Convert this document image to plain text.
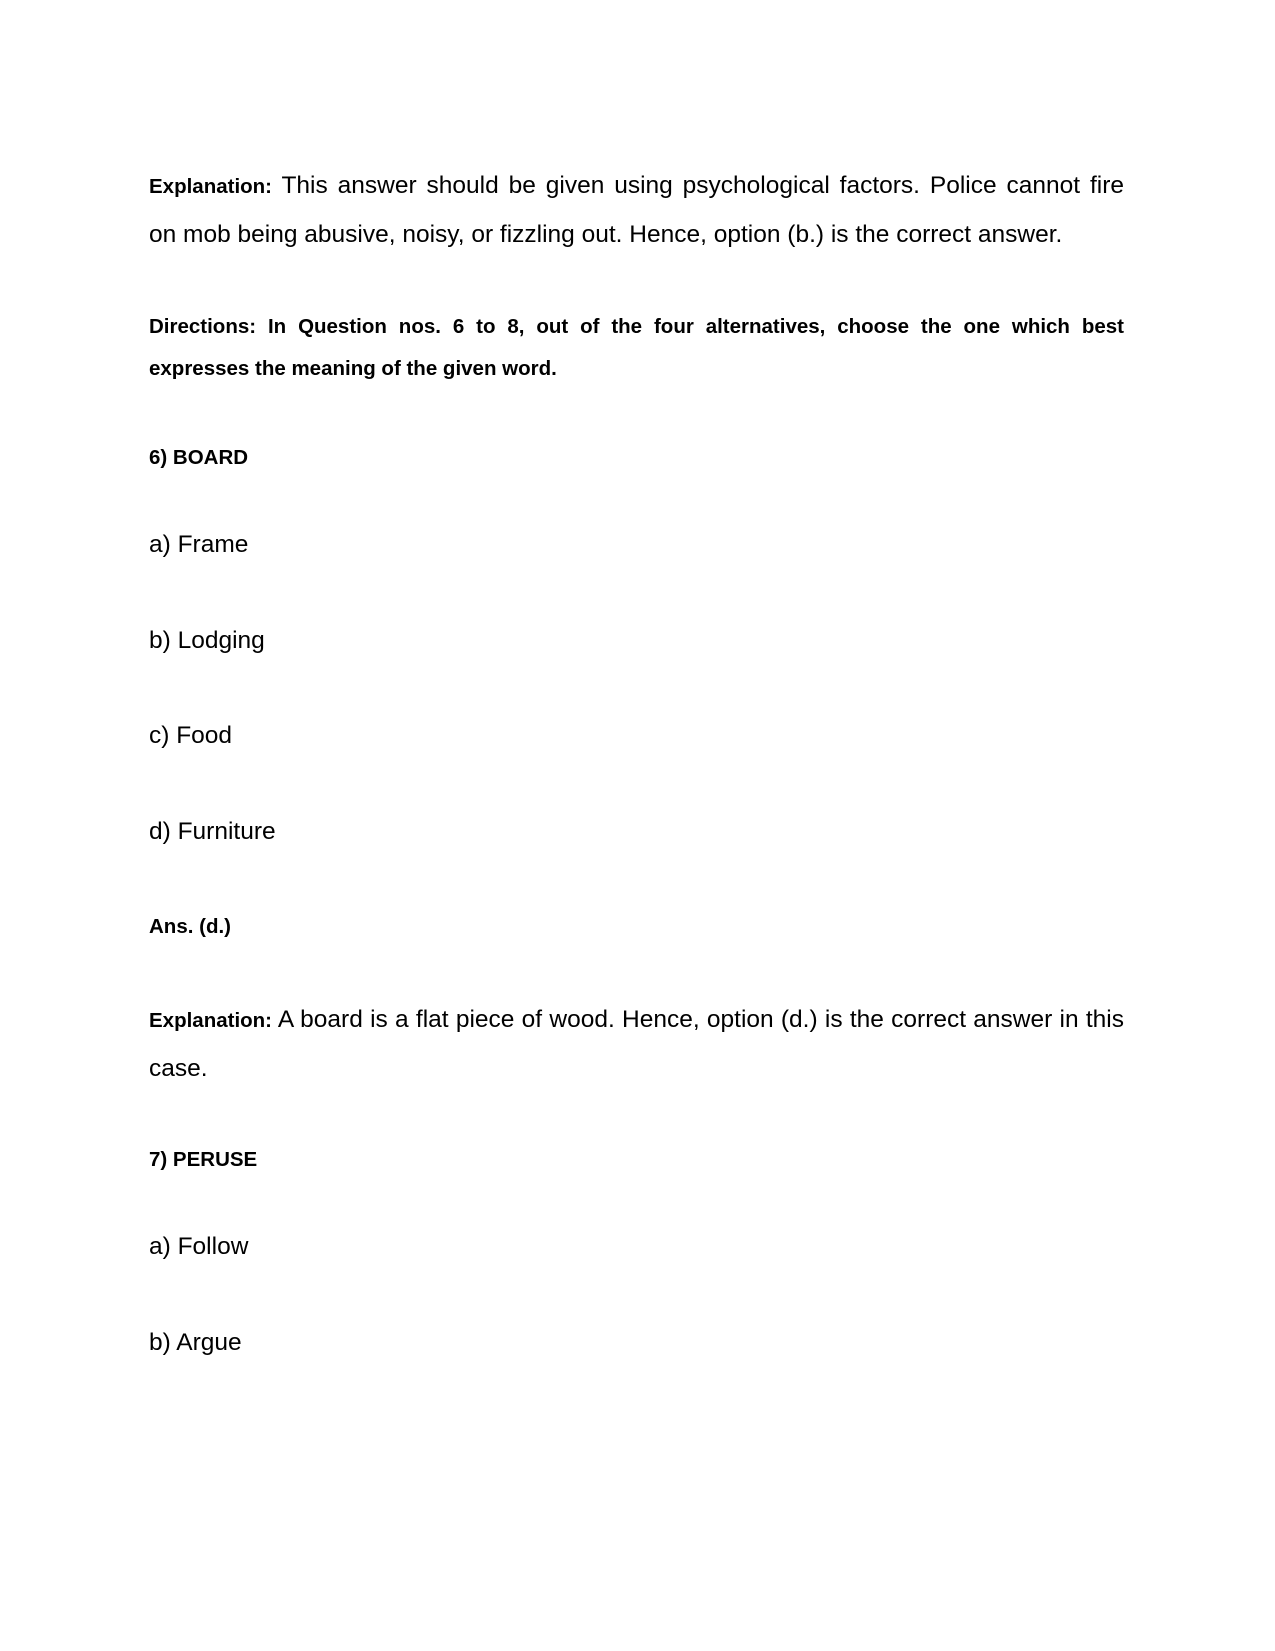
Explanation: This answer should be given using psychological factors. Police cannot fire on mob being abusive, noisy, or fizzling out. Hence, option (b.) is the correct answer.
Directions: In Question nos. 6 to 8, out of the four alternatives, choose the one which best expresses the meaning of the given word.
6) BOARD
a) Frame
b) Lodging
c) Food
d) Furniture
Ans. (d.)
Explanation: A board is a flat piece of wood. Hence, option (d.) is the correct answer in this case.
7) PERUSE
a) Follow
b) Argue
